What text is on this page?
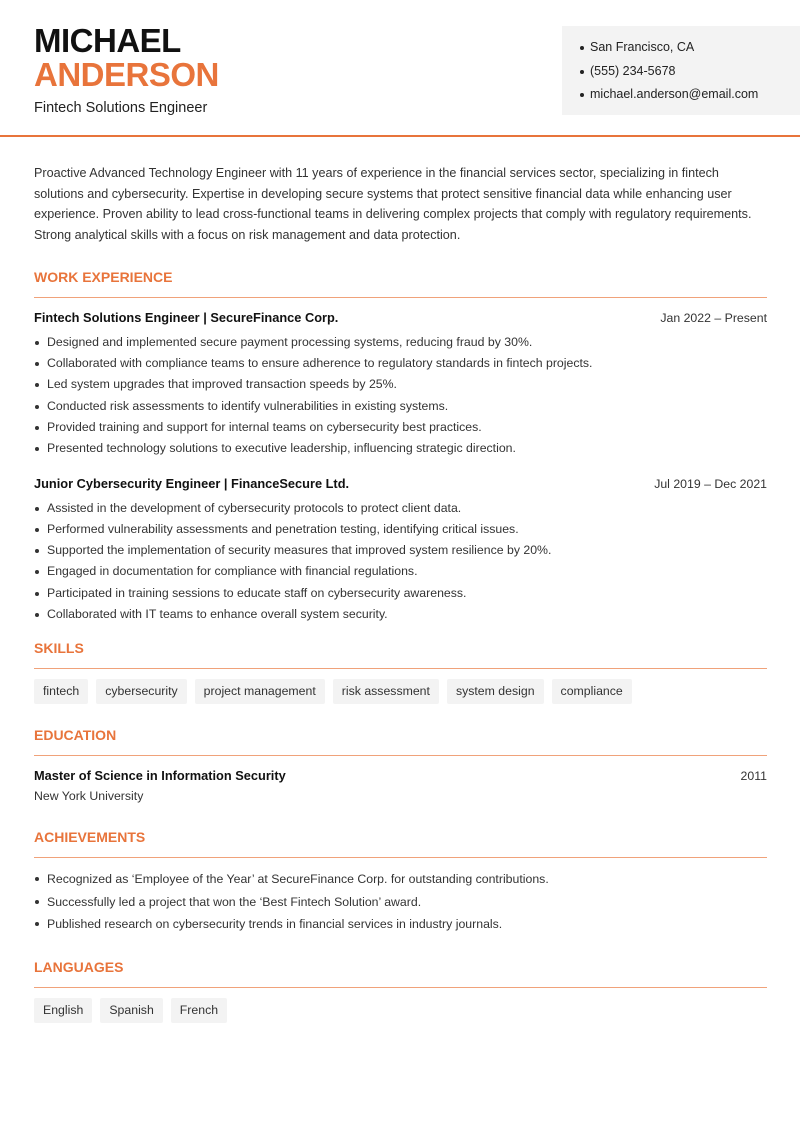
MICHAEL
ANDERSON
Fintech Solutions Engineer
San Francisco, CA
(555) 234-5678
michael.anderson@email.com

Proactive Advanced Technology Engineer with 11 years of experience in the financial services sector, specializing in fintech solutions and cybersecurity. Expertise in developing secure systems that protect sensitive financial data while enhancing user experience. Proven ability to lead cross-functional teams in delivering complex projects that comply with regulatory requirements. Strong analytical skills with a focus on risk management and data protection.

WORK EXPERIENCE
Fintech Solutions Engineer | SecureFinance Corp.	Jan 2022 – Present
Designed and implemented secure payment processing systems, reducing fraud by 30%.
Collaborated with compliance teams to ensure adherence to regulatory standards in fintech projects.
Led system upgrades that improved transaction speeds by 25%.
Conducted risk assessments to identify vulnerabilities in existing systems.
Provided training and support for internal teams on cybersecurity best practices.
Presented technology solutions to executive leadership, influencing strategic direction.
Junior Cybersecurity Engineer | FinanceSecure Ltd.	Jul 2019 – Dec 2021
Assisted in the development of cybersecurity protocols to protect client data.
Performed vulnerability assessments and penetration testing, identifying critical issues.
Supported the implementation of security measures that improved system resilience by 20%.
Engaged in documentation for compliance with financial regulations.
Participated in training sessions to educate staff on cybersecurity awareness.
Collaborated with IT teams to enhance overall system security.
SKILLS
fintech	cybersecurity	project management	risk assessment	system design	compliance
EDUCATION
Master of Science in Information Security	2011
New York University
ACHIEVEMENTS
Recognized as ‘Employee of the Year’ at SecureFinance Corp. for outstanding contributions.
Successfully led a project that won the ‘Best Fintech Solution’ award.
Published research on cybersecurity trends in financial services in industry journals.
LANGUAGES
English	Spanish	French
